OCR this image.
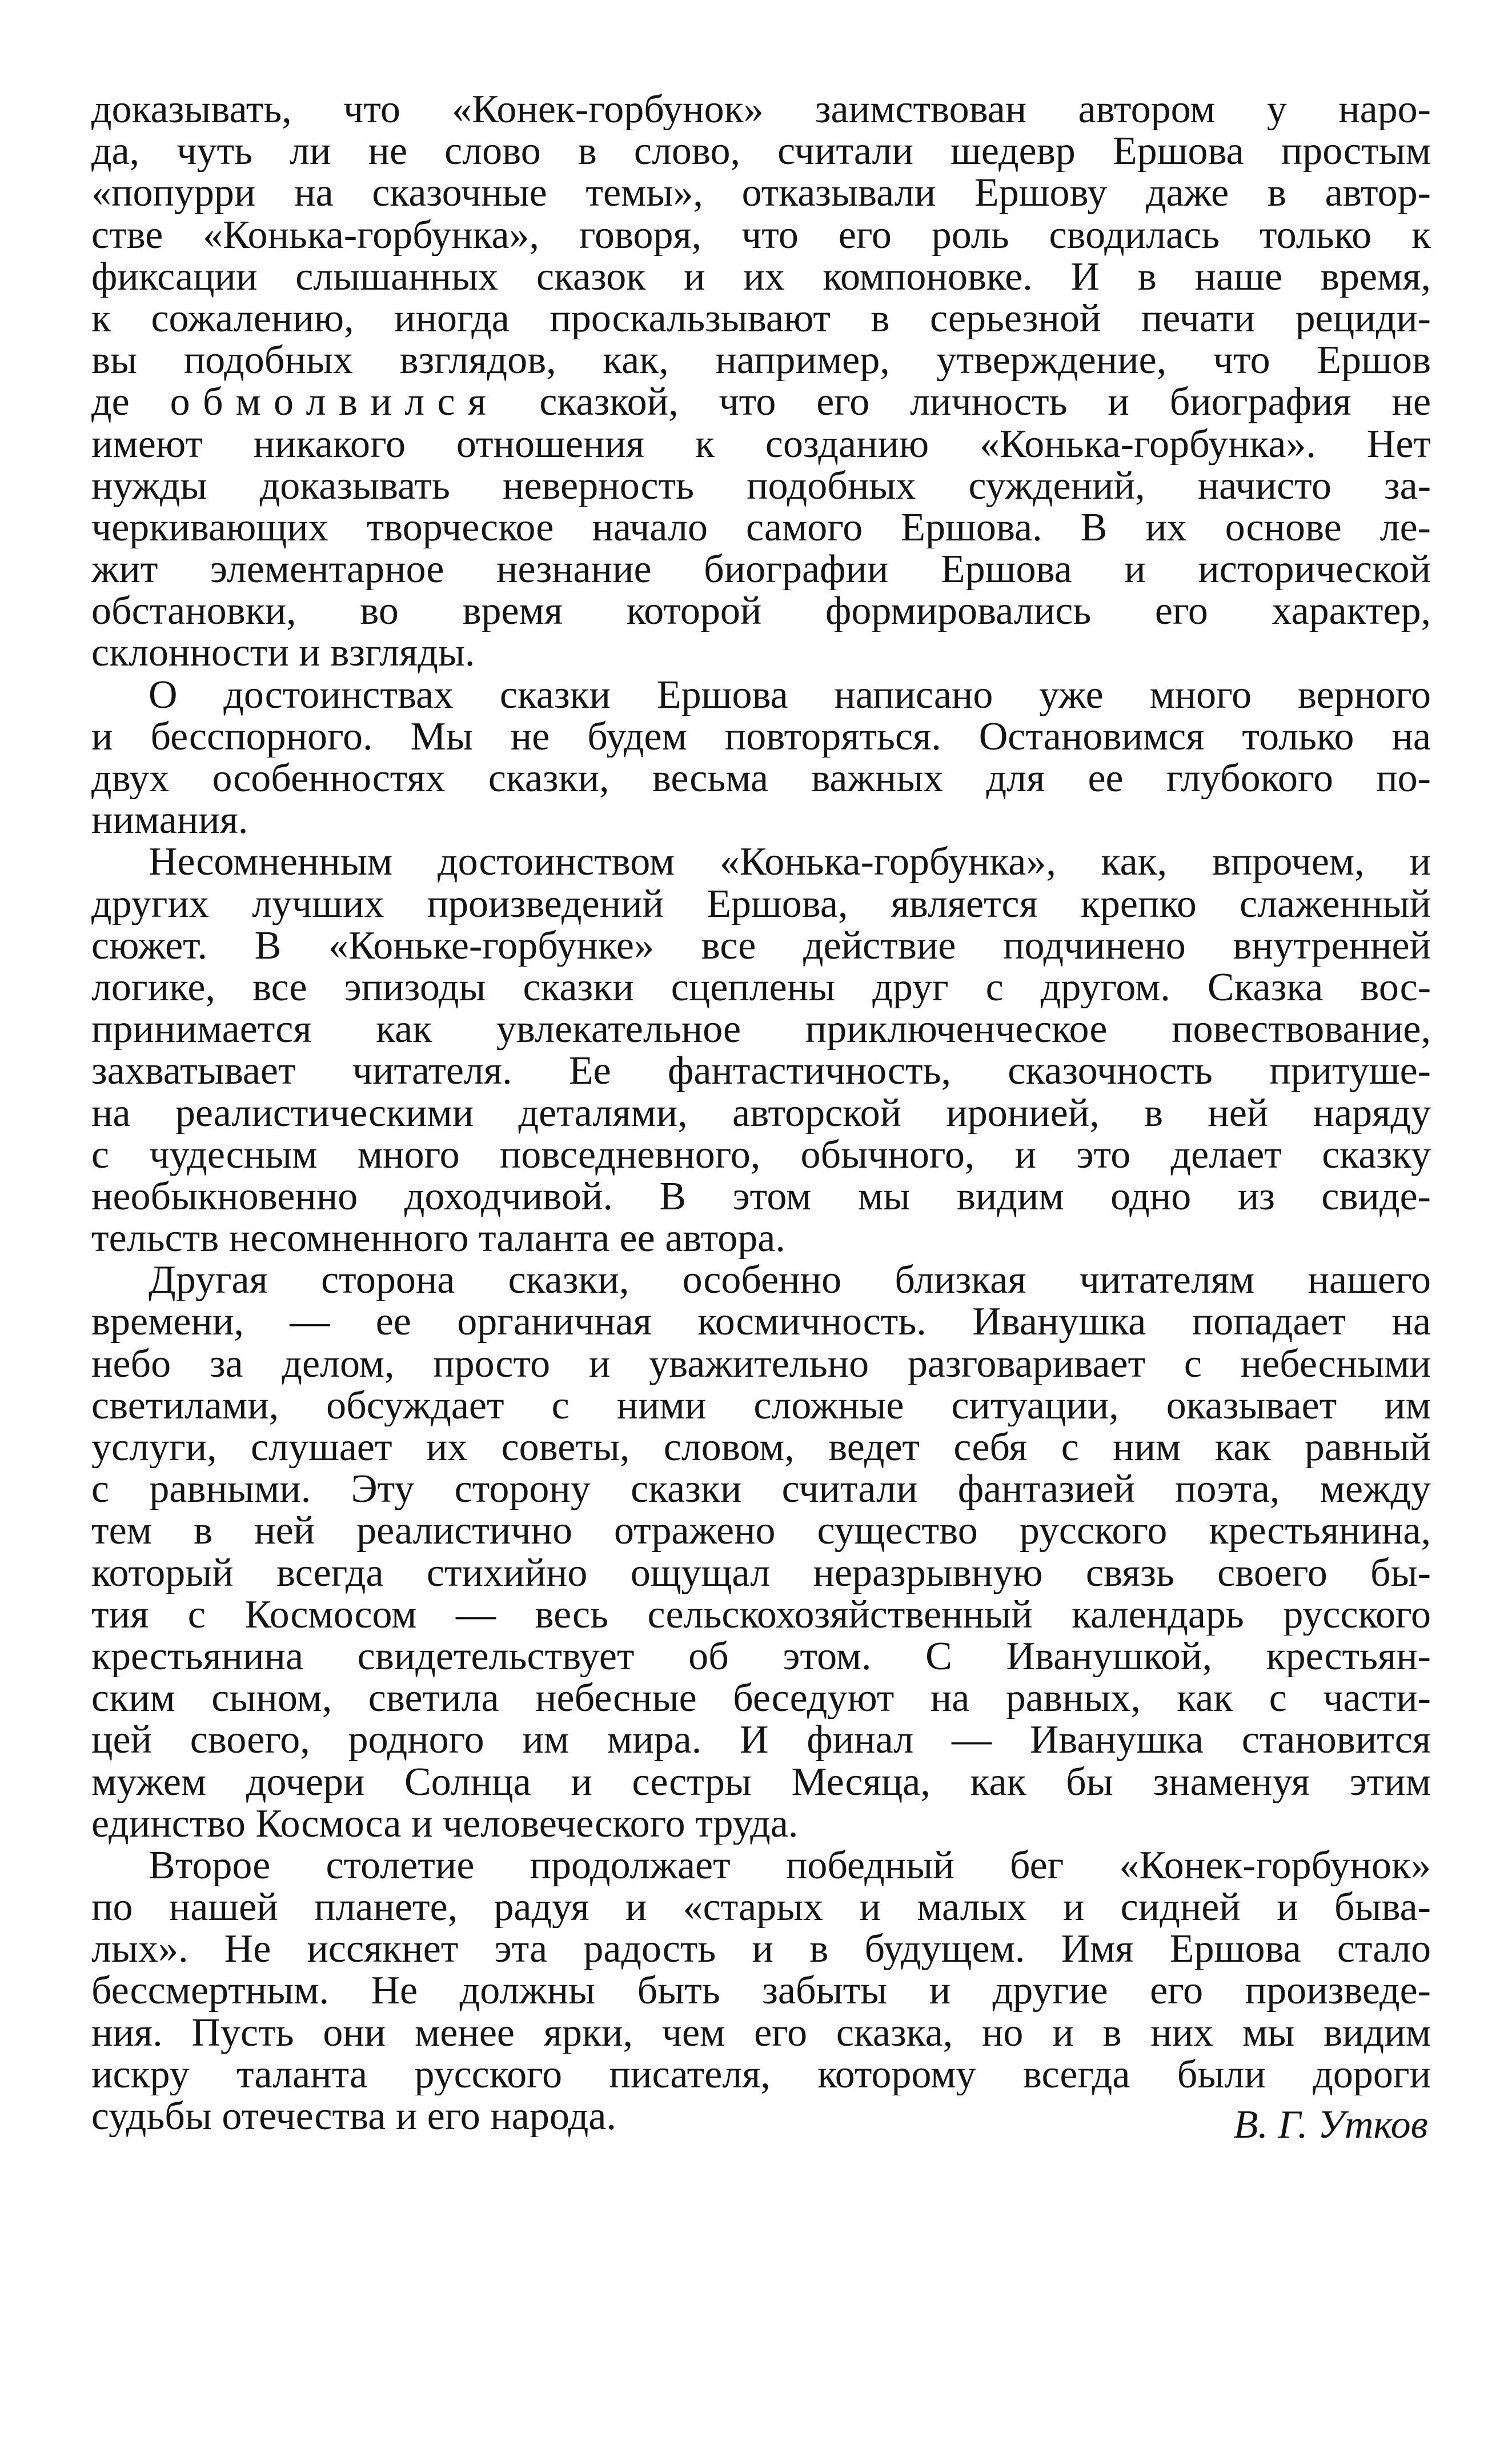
доказывать, что «Конек-горбунок» заимствован автором у наро-
да, чуть ли не слово в слово, считали шедевр Ершова простым
«попурри на сказочные темы», отказывали Ершову даже в автор-
стве «Конька-горбунка», говоря, что его роль сводилась только к
фиксации слышанных сказок и их компоновке. И в наше время,
к сожалению, иногда проскальзывают в серьезной печати рециди-
вы подобных взглядов, как, например, утверждение, что Ершов
де обмолвился сказкой, что его личность и биография не
имеют никакого отношения к созданию «Конька-горбунка». Нет
нужды доказывать неверность подобных суждений, начисто за-
черкивающих творческое начало самого Ершова. В их основе ле-
жит элементарное незнание биографии Ершова и исторической
обстановки, во время которой формировались его характер,
склонности и взгляды.
О достоинствах сказки Ершова написано уже много верного
и бесспорного. Мы не будем повторяться. Остановимся только на
двух особенностях сказки, весьма важных для ее глубокого по-
нимания.
Несомненным достоинством «Конька-горбунка», как, впрочем, и
других лучших произведений Ершова, является крепко слаженный
сюжет. В «Коньке-горбунке» все действие подчинено внутренней
логике, все эпизоды сказки сцеплены друг с другом. Сказка вос-
принимается как увлекательное приключенческое повествование,
захватывает читателя. Ее фантастичность, сказочность притуше-
на реалистическими деталями, авторской иронией, в ней наряду
с чудесным много повседневного, обычного, и это делает сказку
необыкновенно доходчивой. В этом мы видим одно из свиде-
тельств несомненного таланта ее автора.
Другая сторона сказки, особенно близкая читателям нашего
времени, — ее органичная космичность. Иванушка попадает на
небо за делом, просто и уважительно разговаривает с небесными
светилами, обсуждает с ними сложные ситуации, оказывает им
услуги, слушает их советы, словом, ведет себя с ним как равный
с равными. Эту сторону сказки считали фантазией поэта, между
тем в ней реалистично отражено существо русского крестьянина,
который всегда стихийно ощущал неразрывную связь своего бы-
тия с Космосом — весь сельскохозяйственный календарь русского
крестьянина свидетельствует об этом. С Иванушкой, крестьян-
ским сыном, светила небесные беседуют на равных, как с части-
цей своего, родного им мира. И финал — Иванушка становится
мужем дочери Солнца и сестры Месяца, как бы знаменуя этим
единство Космоса и человеческого труда.
Второе столетие продолжает победный бег «Конек-горбунок»
по нашей планете, радуя и «старых и малых и сидней и быва-
лых». Не иссякнет эта радость и в будущем. Имя Ершова стало
бессмертным. Не должны быть забыты и другие его произведе-
ния. Пусть они менее ярки, чем его сказка, но и в них мы видим
искру таланта русского писателя, которому всегда были дороги
судьбы отечества и его народа.	В. Г. Утков
